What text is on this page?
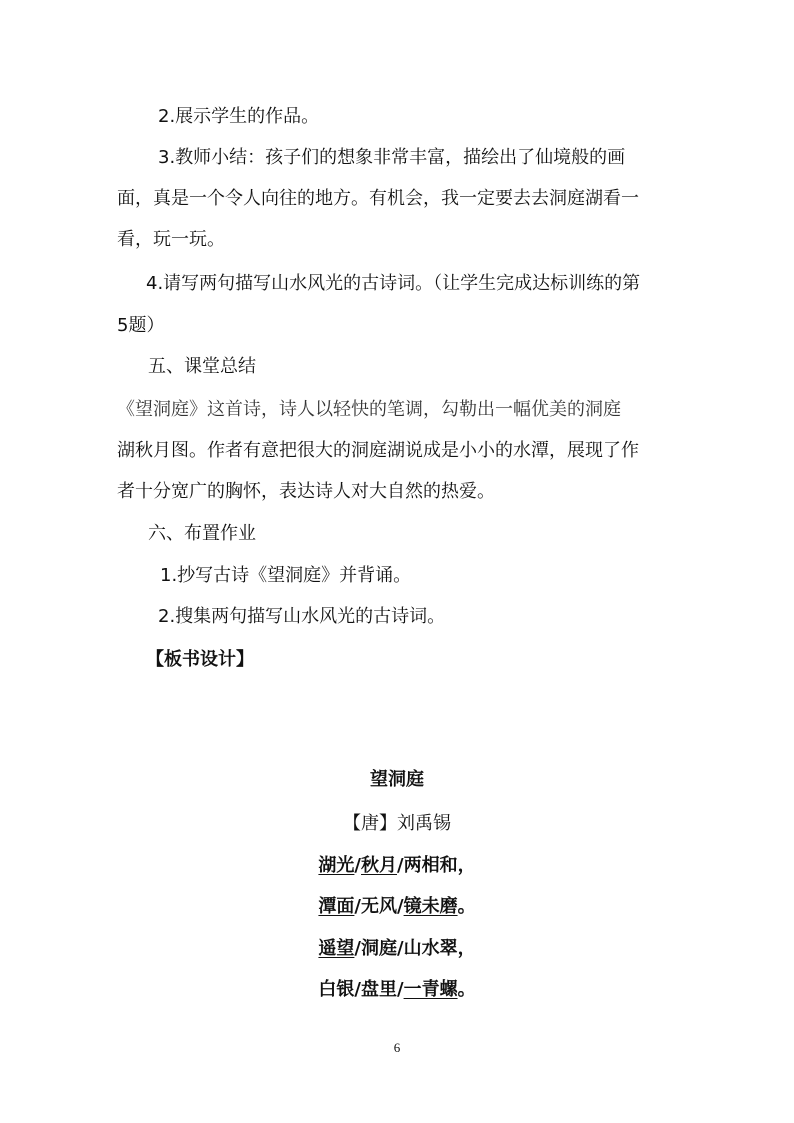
2.展示学生的作品。
3.教师小结：孩子们的想象非常丰富，描绘出了仙境般的画
面，真是一个令人向往的地方。有机会，我一定要去去洞庭湖看一
看，玩一玩。
4.请写两句描写山水风光的古诗词。（让学生完成达标训练的第
5题）
五、课堂总结
《望洞庭》这首诗，诗人以轻快的笔调，勾勒出一幅优美的洞庭
湖秋月图。作者有意把很大的洞庭湖说成是小小的水潭，展现了作
者十分宽广的胸怀，表达诗人对大自然的热爱。
六、布置作业
1.抄写古诗《望洞庭》并背诵。
2.搜集两句描写山水风光的古诗词。
【板书设计】
望洞庭
【唐】刘禹锡
湖光/秋月/两相和，
潭面/无风/镜未磨。
遥望/洞庭/山水翠，
白银/盘里/一青螺。
6
